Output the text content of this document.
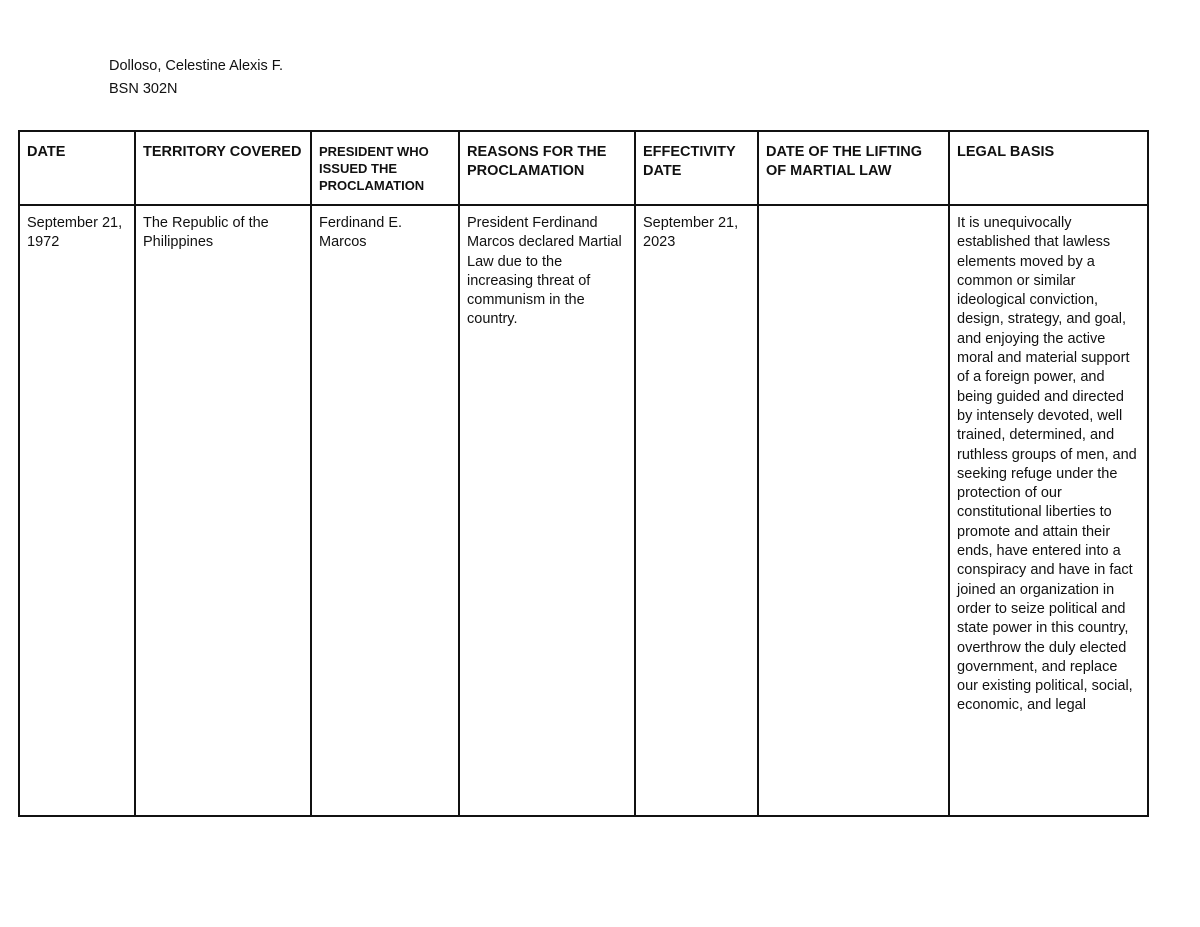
Dolloso, Celestine Alexis F.
BSN 302N
DATE	TERRITORY COVERED	PRESIDENT WHO ISSUED THE PROCLAMATION	REASONS FOR THE PROCLAMATION	EFFECTIVITY DATE	DATE OF THE LIFTING OF MARTIAL LAW	LEGAL BASIS

September 21, 1972	The Republic of the Philippines	Ferdinand E. Marcos	President Ferdinand Marcos declared Martial Law due to the increasing threat of communism in the country.	September 21, 2023		It is unequivocally established that lawless elements moved by a common or similar ideological conviction, design, strategy, and goal, and enjoying the active moral and material support of a foreign power, and being guided and directed by intensely devoted, well trained, determined, and ruthless groups of men, and seeking refuge under the protection of our constitutional liberties to promote and attain their ends, have entered into a conspiracy and have in fact joined an organization in order to seize political and state power in this country, overthrow the duly elected government, and replace our existing political, social, economic, and legal
